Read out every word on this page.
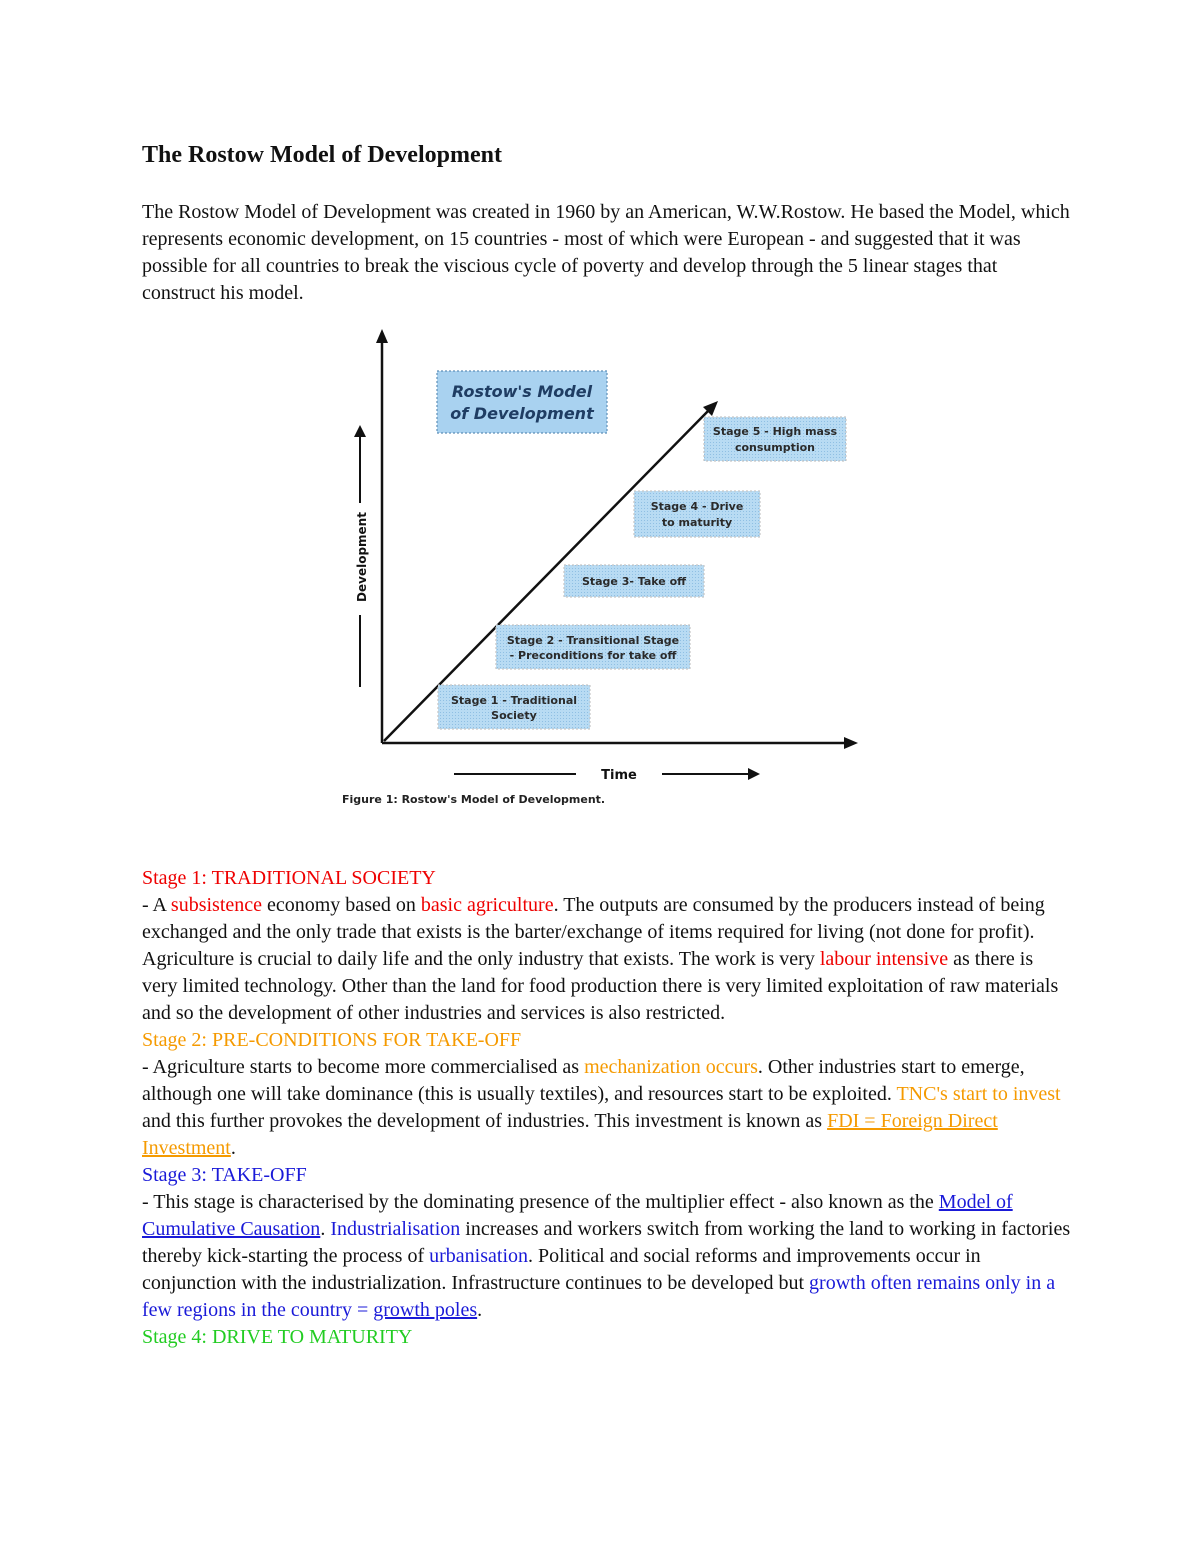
The Rostow Model of Development

The Rostow Model of Development was created in 1960 by an American, W.W.Rostow. He based the Model, which represents economic development, on 15 countries - most of which were European - and suggested that it was possible for all countries to break the viscious cycle of poverty and develop through the 5 linear stages that construct his model.

Rostow's Model
of Development
Stage 1 - Traditional
Society
Stage 2 - Transitional Stage
- Preconditions for take off
Stage 3- Take off
Stage 4 - Drive
to maturity
Stage 5 - High mass
consumption
Development
Time
Figure 1: Rostow's Model of Development.

Stage 1: TRADITIONAL SOCIETY

- A subsistence economy based on basic agriculture. The outputs are consumed by the producers instead of being exchanged and the only trade that exists is the barter/exchange of items required for living (not done for profit). Agriculture is crucial to daily life and the only industry that exists. The work is very labour intensive as there is very limited technology. Other than the land for food production there is very limited exploitation of raw materials and so the development of other industries and services is also restricted.

Stage 2: PRE-CONDITIONS FOR TAKE-OFF

- Agriculture starts to become more commercialised as mechanization occurs. Other industries start to emerge, although one will take dominance (this is usually textiles), and resources start to be exploited. TNC's start to invest and this further provokes the development of industries. This investment is known as FDI = Foreign Direct Investment.

Stage 3: TAKE-OFF

- This stage is characterised by the dominating presence of the multiplier effect - also known as the Model of Cumulative Causation. Industrialisation increases and workers switch from working the land to working in factories thereby kick-starting the process of urbanisation. Political and social reforms and improvements occur in conjunction with the industrialization. Infrastructure continues to be developed but growth often remains only in a few regions in the country = growth poles.

Stage 4: DRIVE TO MATURITY
